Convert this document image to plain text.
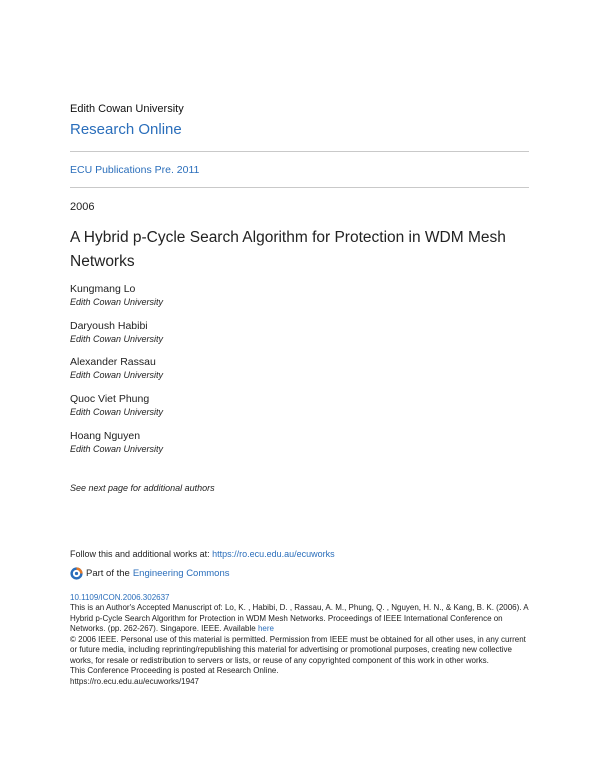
Edith Cowan University
Research Online
ECU Publications Pre. 2011
2006
A Hybrid p-Cycle Search Algorithm for Protection in WDM Mesh Networks
Kungmang Lo
Edith Cowan University
Daryoush Habibi
Edith Cowan University
Alexander Rassau
Edith Cowan University
Quoc Viet Phung
Edith Cowan University
Hoang Nguyen
Edith Cowan University
See next page for additional authors
Follow this and additional works at: https://ro.ecu.edu.au/ecuworks
Part of the Engineering Commons
10.1109/ICON.2006.302637

This is an Author's Accepted Manuscript of: Lo, K. , Habibi, D. , Rassau, A. M., Phung, Q. , Nguyen, H. N., & Kang, B. K. (2006). A Hybrid p-Cycle Search Algorithm for Protection in WDM Mesh Networks. Proceedings of IEEE International Conference on Networks. (pp. 262-267). Singapore. IEEE. Available here

© 2006 IEEE. Personal use of this material is permitted. Permission from IEEE must be obtained for all other uses, in any current or future media, including reprinting/republishing this material for advertising or promotional purposes, creating new collective works, for resale or redistribution to servers or lists, or reuse of any copyrighted component of this work in other works.

This Conference Proceeding is posted at Research Online.

https://ro.ecu.edu.au/ecuworks/1947
